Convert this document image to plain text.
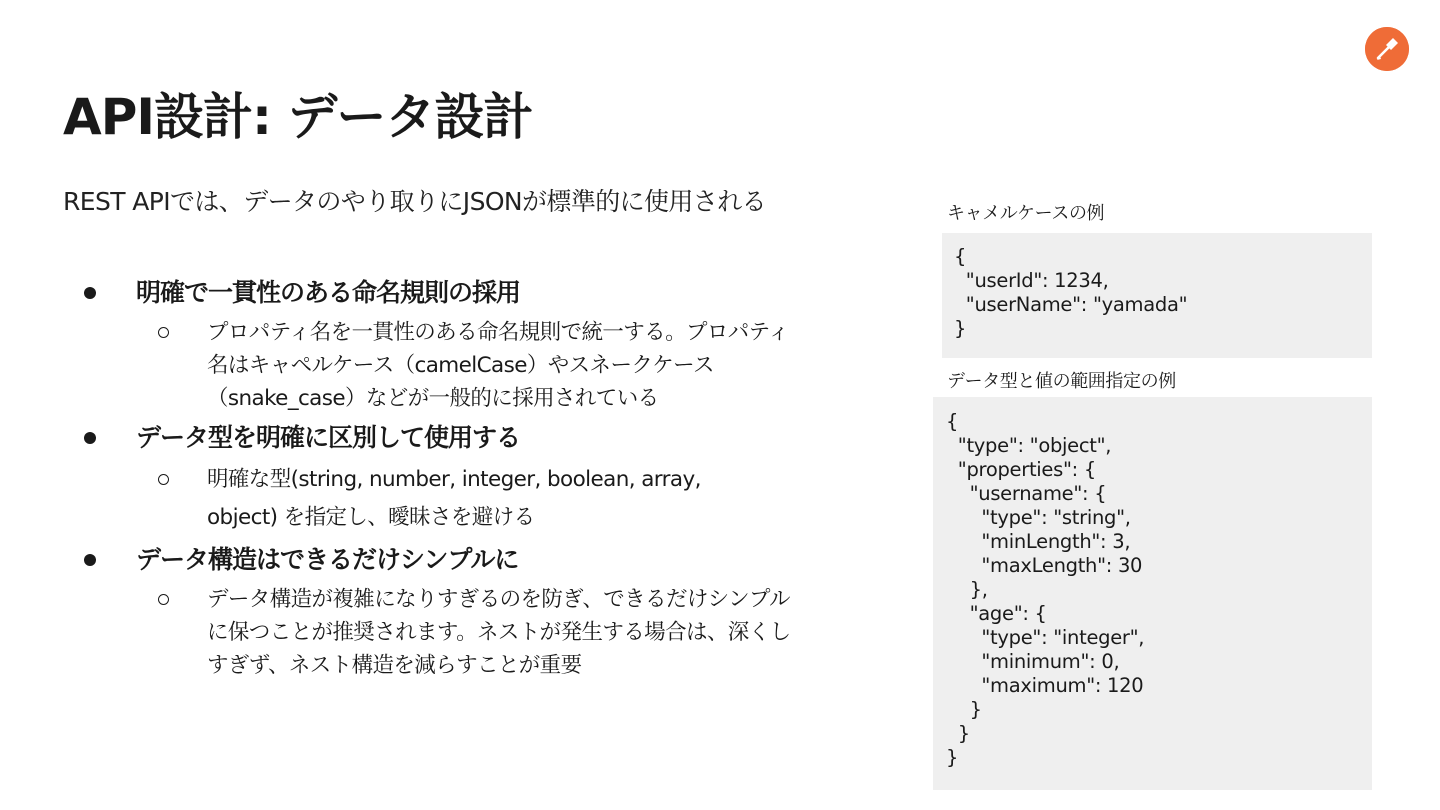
API設計: データ設計
REST APIでは、データのやり取りにJSONが標準的に使用される
明確で一貫性のある命名規則の採用
プロパティ名を一貫性のある命名規則で統一する。プロパティ
名はキャペルケース（camelCase）やスネークケース
（snake_case）などが一般的に採用されている
データ型を明確に区別して使用する
明確な型(string, number, integer, boolean, array,
object) を指定し、曖昧さを避ける
データ構造はできるだけシンプルに
データ構造が複雑になりすぎるのを防ぎ、できるだけシンプル
に保つことが推奨されます。ネストが発生する場合は、深くし
すぎず、ネスト構造を減らすことが重要
キャメルケースの例
{
"userId": 1234,
"userName": "yamada"
}
データ型と値の範囲指定の例
{
"type": "object",
"properties": {
"username": {
"type": "string",
"minLength": 3,
"maxLength": 30
},
"age": {
"type": "integer",
"minimum": 0,
"maximum": 120
}
}
}
